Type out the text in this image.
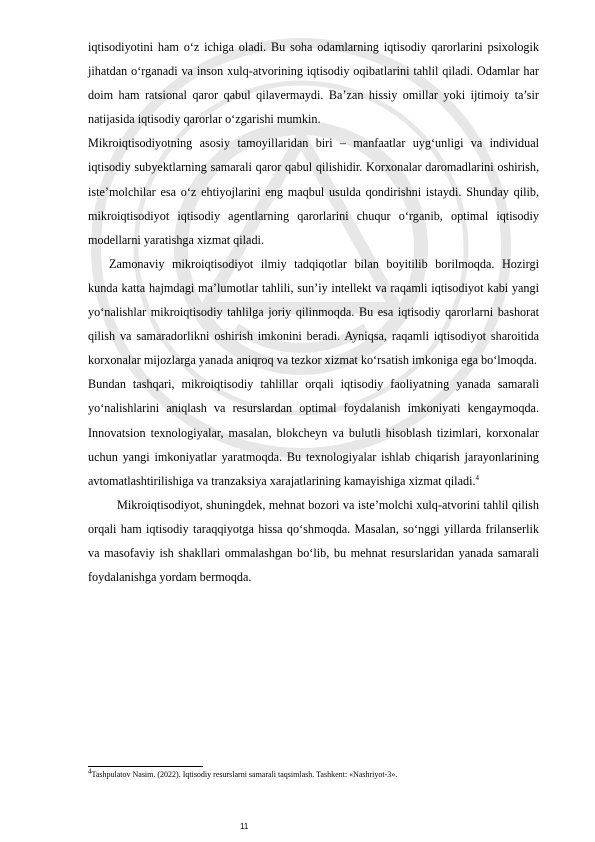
iqtisodiyotini ham o‘z ichiga oladi. Bu soha odamlarning iqtisodiy qarorlarini psixologik jihatdan o‘rganadi va inson xulq-atvorining iqtisodiy oqibatlarini tahlil qiladi. Odamlar har doim ham ratsional qaror qabul qilavermaydi. Ba’zan hissiy omillar yoki ijtimoiy ta’sir natijasida iqtisodiy qarorlar o‘zgarishi mumkin.

Mikroiqtisodiyotning asosiy tamoyillaridan biri – manfaatlar uyg‘unligi va individual iqtisodiy subyektlarning samarali qaror qabul qilishidir. Korxonalar daromadlarini oshirish, iste’molchilar esa o‘z ehtiyojlarini eng maqbul usulda qondirishni istaydi. Shunday qilib, mikroiqtisodiyot iqtisodiy agentlarning qarorlarini chuqur o‘rganib, optimal iqtisodiy modellarni yaratishga xizmat qiladi.

Zamonaviy mikroiqtisodiyot ilmiy tadqiqotlar bilan boyitilib borilmoqda. Hozirgi kunda katta hajmdagi ma’lumotlar tahlili, sun’iy intellekt va raqamli iqtisodiyot kabi yangi yo‘nalishlar mikroiqtisodiy tahlilga joriy qilinmoqda. Bu esa iqtisodiy qarorlarni bashorat qilish va samaradorlikni oshirish imkonini beradi. Ayniqsa, raqamli iqtisodiyot sharoitida korxonalar mijozlarga yanada aniqroq va tezkor xizmat ko‘rsatish imkoniga ega bo‘lmoqda.

Bundan tashqari, mikroiqtisodiy tahlillar orqali iqtisodiy faoliyatning yanada samarali yo‘nalishlarini aniqlash va resurslardan optimal foydalanish imkoniyati kengaymoqda. Innovatsion texnologiyalar, masalan, blokcheyn va bulutli hisoblash tizimlari, korxonalar uchun yangi imkoniyatlar yaratmoqda. Bu texnologiyalar ishlab chiqarish jarayonlarining avtomatlashtirilishiga va tranzaksiya xarajatlarining kamayishiga xizmat qiladi.$^4$

Mikroiqtisodiyot, shuningdek, mehnat bozori va iste’molchi xulq-atvorini tahlil qilish orqali ham iqtisodiy taraqqiyotga hissa qo‘shmoqda. Masalan, so‘nggi yillarda frilanserlik va masofaviy ish shakllari ommalashgan bo‘lib, bu mehnat resurslaridan yanada samarali foydalanishga yordam bermoqda.

$^4$Tashpulatov Nasim. (2022). Iqtisodiy resurslarni samarali taqsimlash. Tashkent: «Nashriyot-3».
11
